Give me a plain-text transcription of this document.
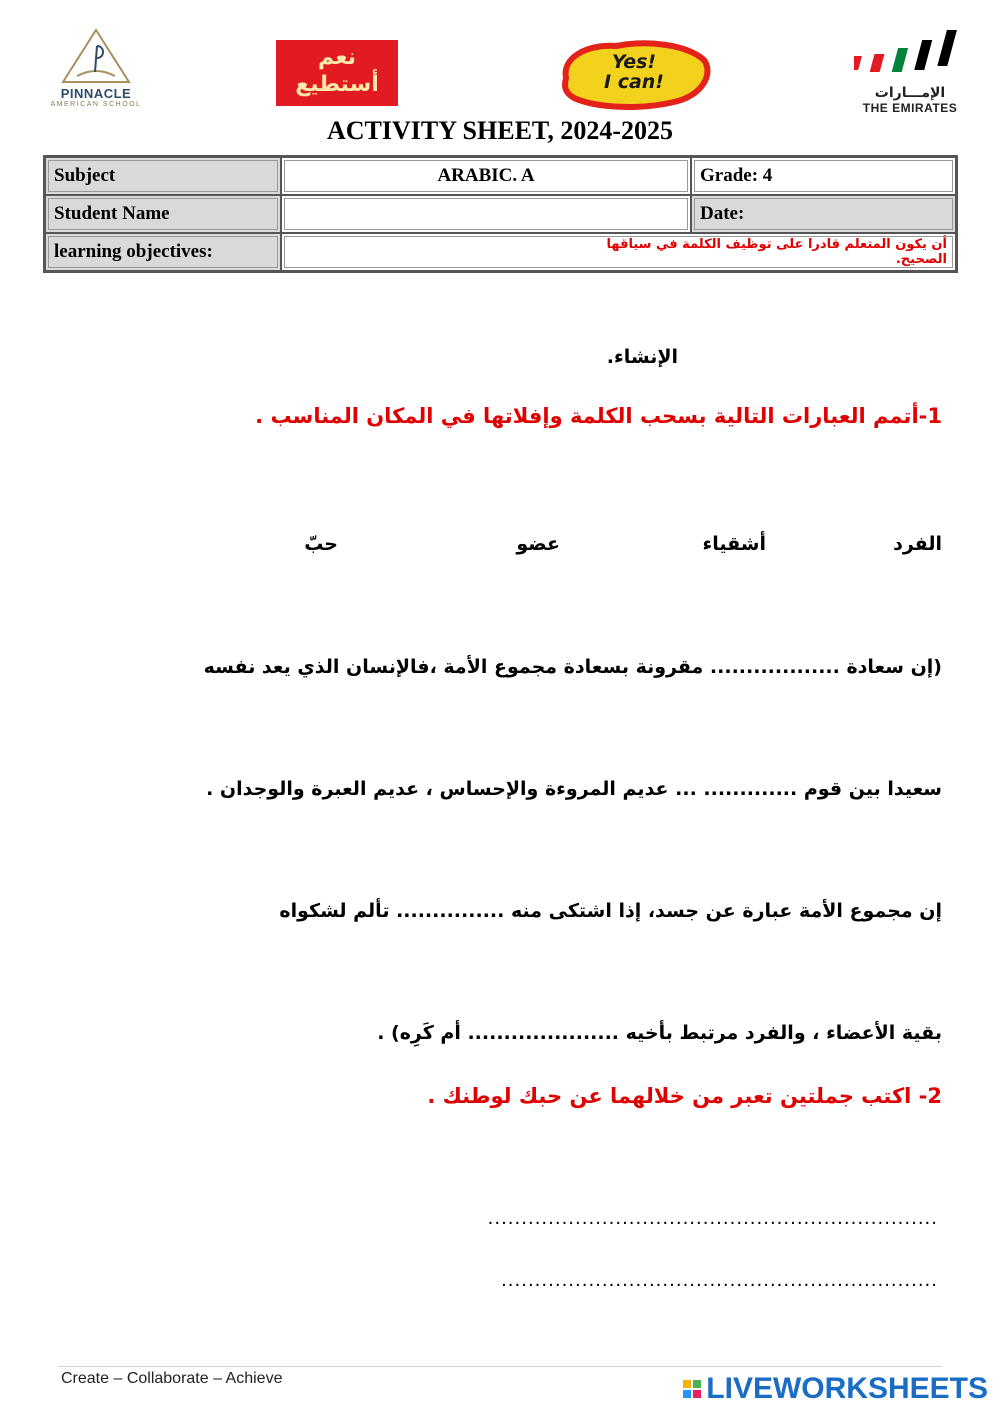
PINNACLE
AMERICAN SCHOOL
نعم
أستطيع
Yes!
I can!	الإمـــارات
THE EMIRATES
ACTIVITY SHEET, 2024-2025
Subject	ARABIC. A	Grade: 4
Student Name		Date:
learning objectives:	أن يكون المتعلم قادرا على توظيف الكلمة في سياقها الصحيح.	
الإنشاء.
1-أتمم العبارات التالية بسحب الكلمة وإفلاتها في المكان المناسب .
الفرد
أشقياء
عضو
حبّ
(إن سعادة .................. مقرونة بسعادة مجموع الأمة ،فالإنسان الذي يعد نفسه
سعيدا بين قوم ............. ... عديم المروءة والإحساس ، عديم العبرة والوجدان .
إن مجموع الأمة عبارة عن جسد، إذا اشتكى منه ............... تألم لشكواه
بقية الأعضاء ، والفرد مرتبط بأخيه ..................... أم كَرِه) .
2- اكتب جملتين تعبر من خلالهما عن حبك لوطنك .
...................................................................
.................................................................
Create – Collaborate – Achieve	LIVEWORKSHEETS
